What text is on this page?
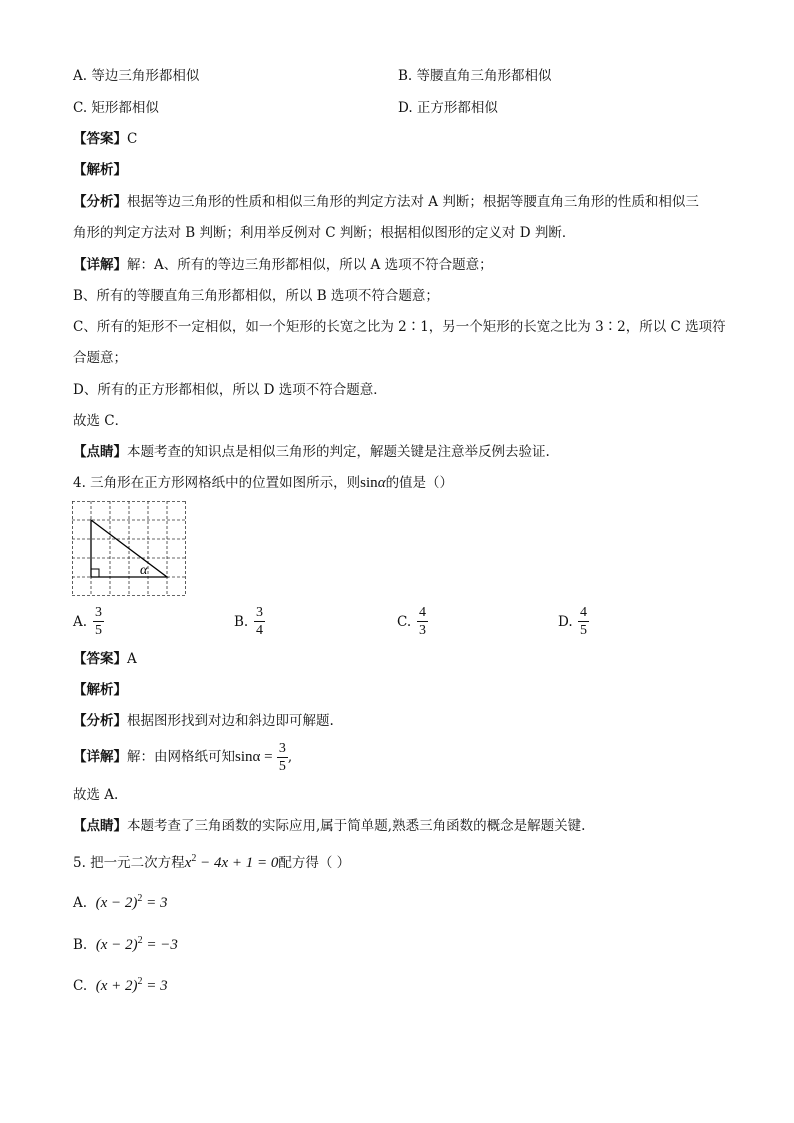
A. 等边三角形都相似	B. 等腰直角三角形都相似
C. 矩形都相似	D. 正方形都相似
【答案】C
【解析】
【分析】根据等边三角形的性质和相似三角形的判定方法对 A 判断；根据等腰直角三角形的性质和相似三
角形的判定方法对 B 判断；利用举反例对 C 判断；根据相似图形的定义对 D 判断．
【详解】解：A、所有的等边三角形都相似，所以 A 选项不符合题意；
B、所有的等腰直角三角形都相似，所以 B 选项不符合题意；
C、所有的矩形不一定相似，如一个矩形的长宽之比为 2∶1，另一个矩形的长宽之比为 3∶2，所以 C 选项符
合题意；
D、所有的正方形都相似，所以 D 选项不符合题意．
故选 C．
【点睛】本题考查的知识点是相似三角形的判定，解题关键是注意举反例去验证.
4. 三角形在正方形网格纸中的位置如图所示，则sinα的值是（）
α
A. $\frac{3}{5}$	B. $\frac{3}{4}$	C. $\frac{4}{3}$	D. $\frac{4}{5}$
【答案】A
【解析】
【分析】根据图形找到对边和斜边即可解题.
【详解】解：由网格纸可知$\sin\alpha = \frac{3}{5}$ ,
故选 A.
【点睛】本题考查了三角函数的实际应用,属于简单题,熟悉三角函数的概念是解题关键.
5. 把一元二次方程$x^2 - 4x + 1 = 0$配方得（ ）
A. $(x - 2)^2 = 3$
B. $(x - 2)^2 = -3$
C. $(x + 2)^2 = 3$
